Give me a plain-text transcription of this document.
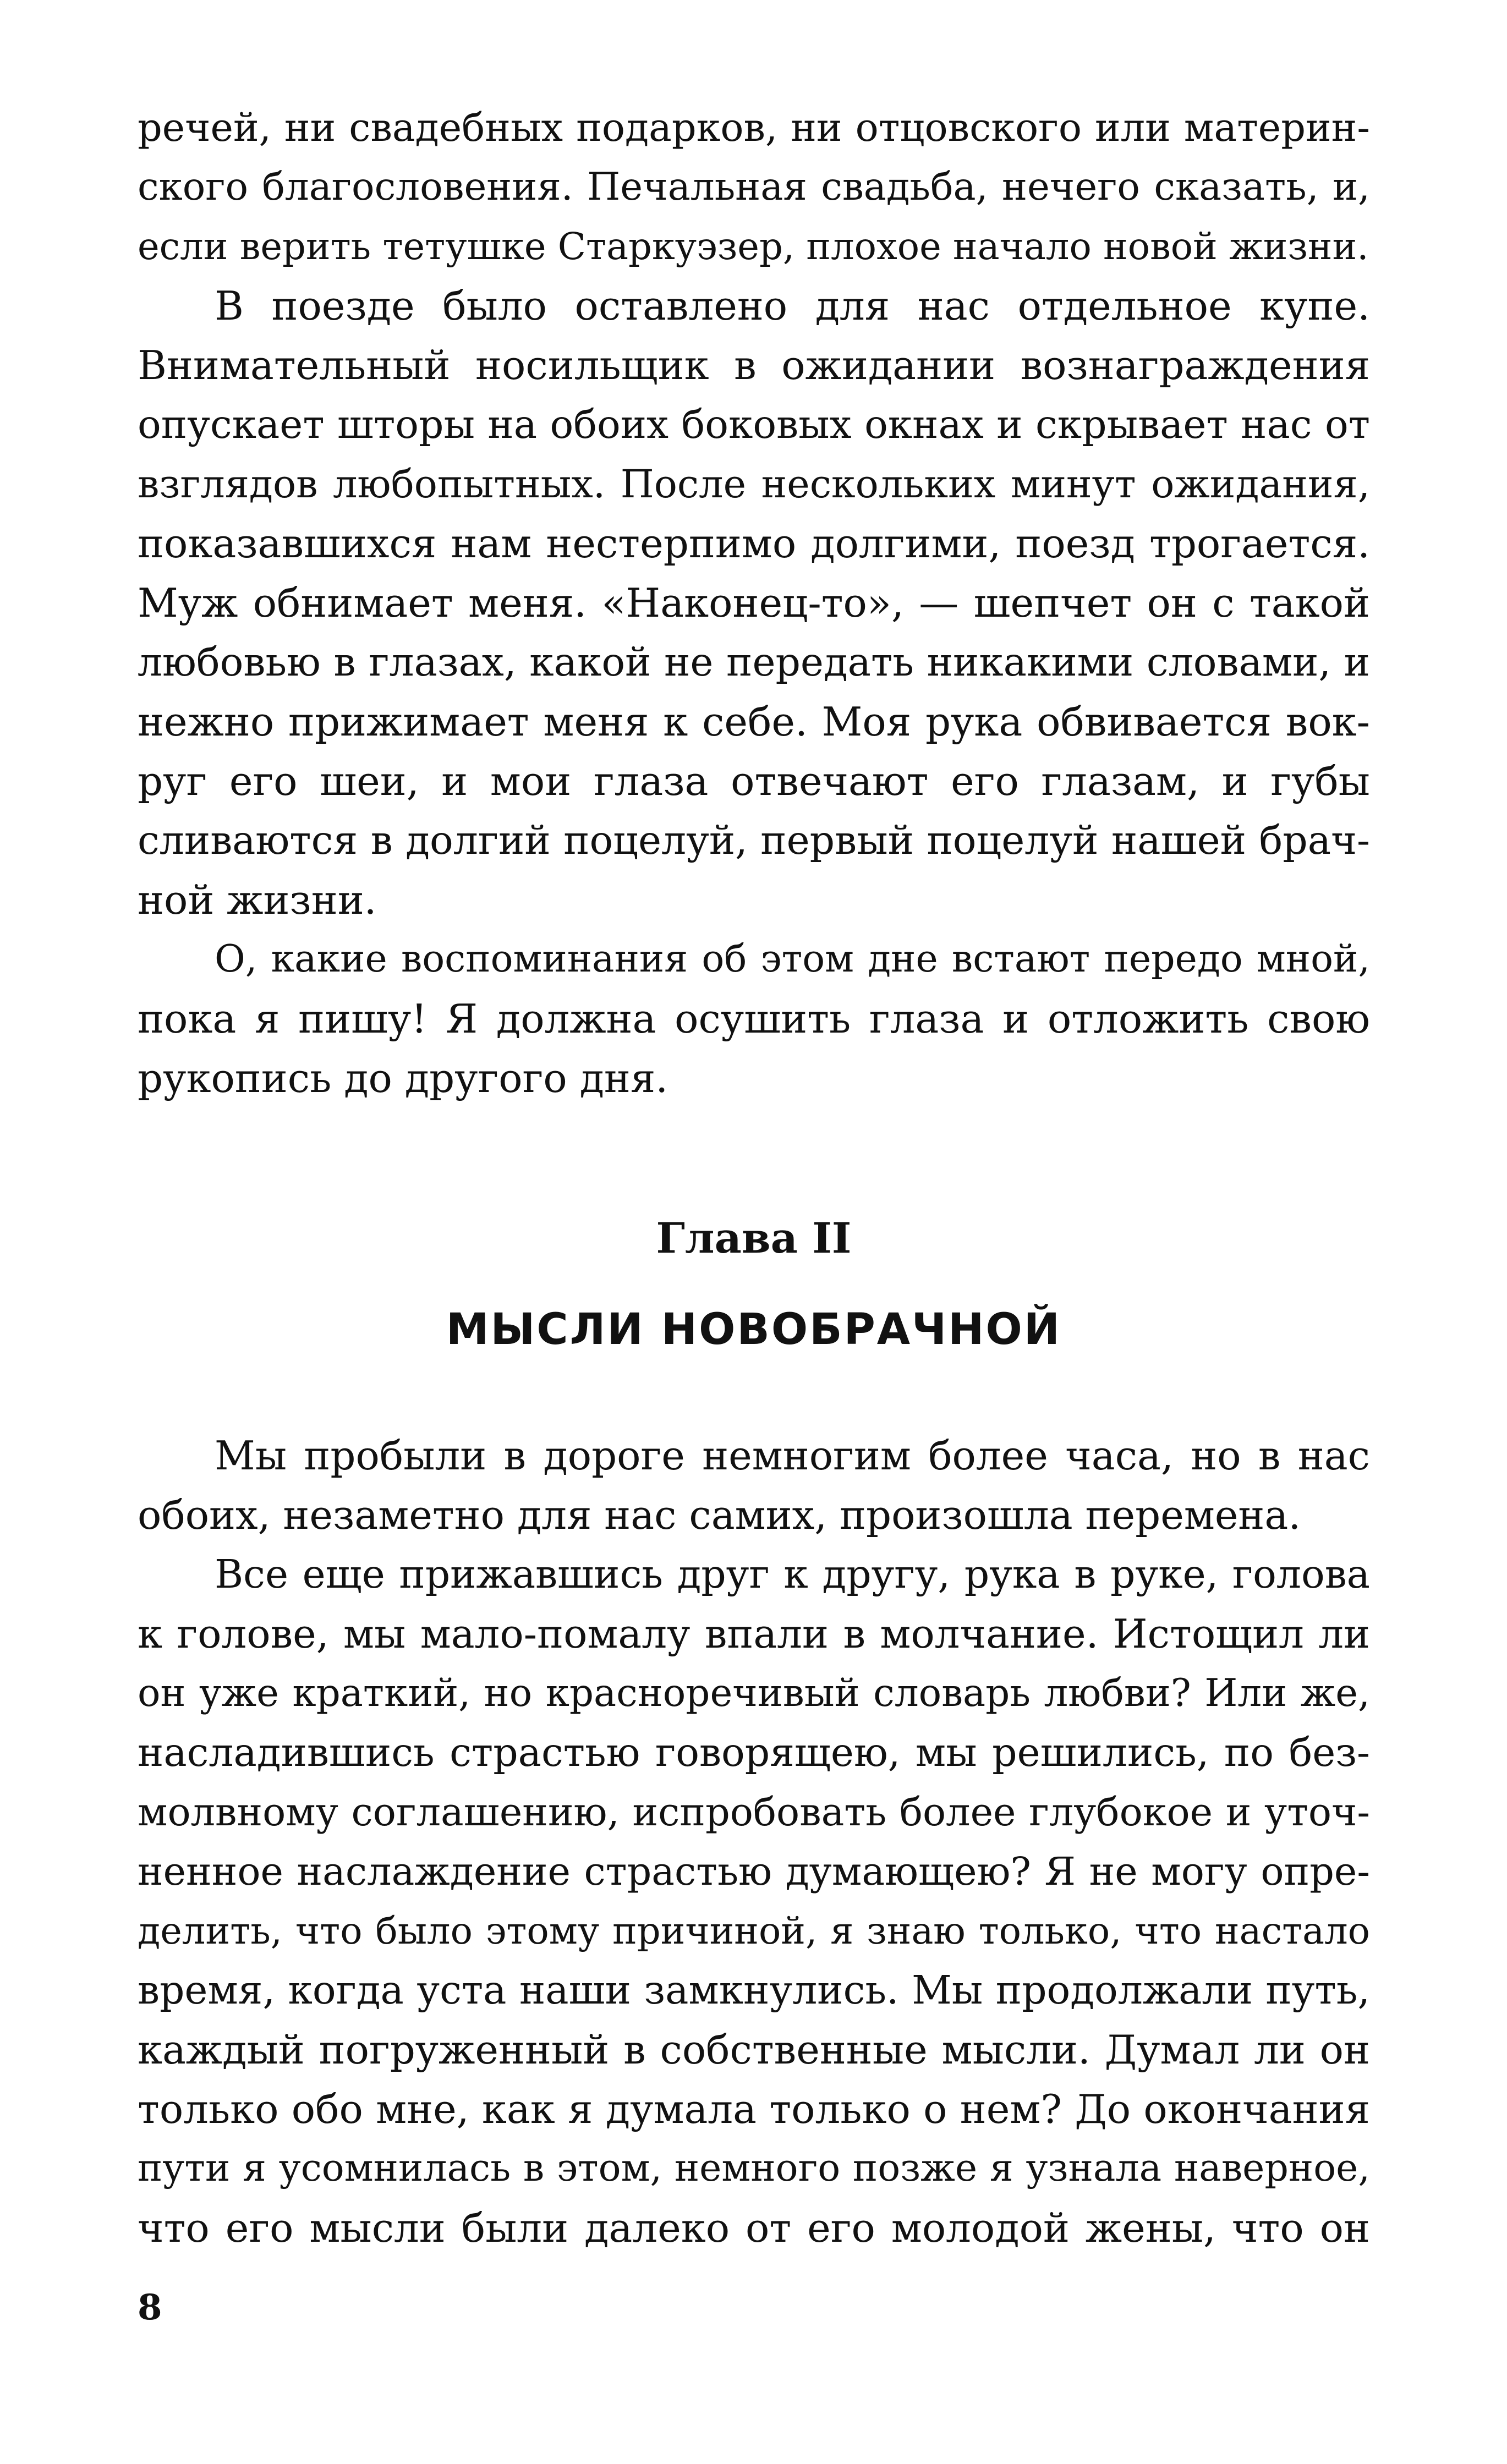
речей, ни свадебных подарков, ни отцовского или материн-
ского благословения. Печальная свадьба, нечего сказать, и,
если верить тетушке Старкуэзер, плохое начало новой жизни.
В поезде было оставлено для нас отдельное купе.
Внимательный носильщик в ожидании вознаграждения
опускает шторы на обоих боковых окнах и скрывает нас от
взглядов любопытных. После нескольких минут ожидания,
показавшихся нам нестерпимо долгими, поезд трогается.
Муж обнимает меня. «Наконец-то», — шепчет он с такой
любовью в глазах, какой не передать никакими словами, и
нежно прижимает меня к себе. Моя рука обвивается вок-
руг его шеи, и мои глаза отвечают его глазам, и губы
сливаются в долгий поцелуй, первый поцелуй нашей брач-
ной жизни.
О, какие воспоминания об этом дне встают передо мной,
пока я пишу! Я должна осушить глаза и отложить свою
рукопись до другого дня.
Глава II
МЫСЛИ НОВОБРАЧНОЙ
Мы пробыли в дороге немногим более часа, но в нас
обоих, незаметно для нас самих, произошла перемена.
Все еще прижавшись друг к другу, рука в руке, голова
к голове, мы мало-помалу впали в молчание. Истощил ли
он уже краткий, но красноречивый словарь любви? Или же,
насладившись страстью говорящею, мы решились, по без-
молвному соглашению, испробовать более глубокое и уточ-
ненное наслаждение страстью думающею? Я не могу опре-
делить, что было этому причиной, я знаю только, что настало
время, когда уста наши замкнулись. Мы продолжали путь,
каждый погруженный в собственные мысли. Думал ли он
только обо мне, как я думала только о нем? До окончания
пути я усомнилась в этом, немного позже я узнала наверное,
что его мысли были далеко от его молодой жены, что он
8
